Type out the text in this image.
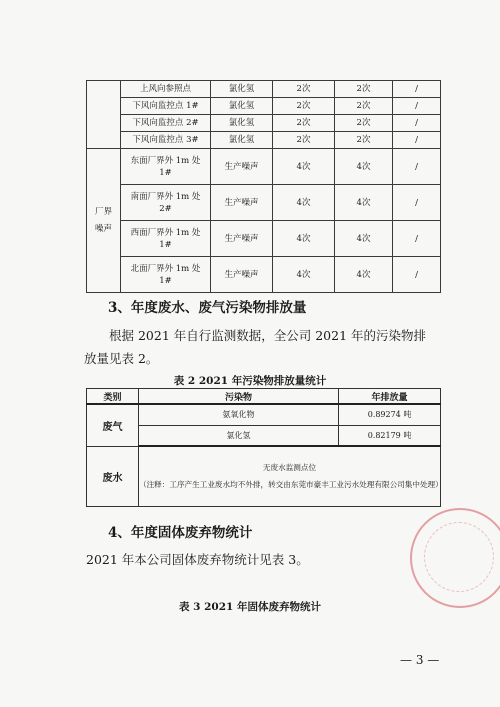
	上风向参照点	氯化氢	2次	2次	/
	下风向监控点 1#	氯化氢	2次	2次	/
	下风向监控点 2#	氯化氢	2次	2次	/
	下风向监控点 3#	氯化氢	2次	2次	/
厂界噪声	东面厂界外 1m 处 1#	生产噪声	4次	4次	/
	南面厂界外 1m 处 2#	生产噪声	4次	4次	/
	西面厂界外 1m 处 1#	生产噪声	4次	4次	/
	北面厂界外 1m 处 1#	生产噪声	4次	4次	/
3、年度废水、废气污染物排放量
根据 2021 年自行监测数据，全公司 2021 年的污染物排放量见表 2。
表 2 2021 年污染物排放量统计
类别	污染物	年排放量
废气	氨氧化物	0.89274 吨
	氯化氢	0.82179 吨
废水	无废水监测点位
（注释：工序产生工业废水均不外排，转交由东莞市豪丰工业污水处理有限公司集中处理）	
4、年度固体废弃物统计
2021 年本公司固体废弃物统计见表 3。
表 3 2021 年固体废弃物统计
— 3 —
